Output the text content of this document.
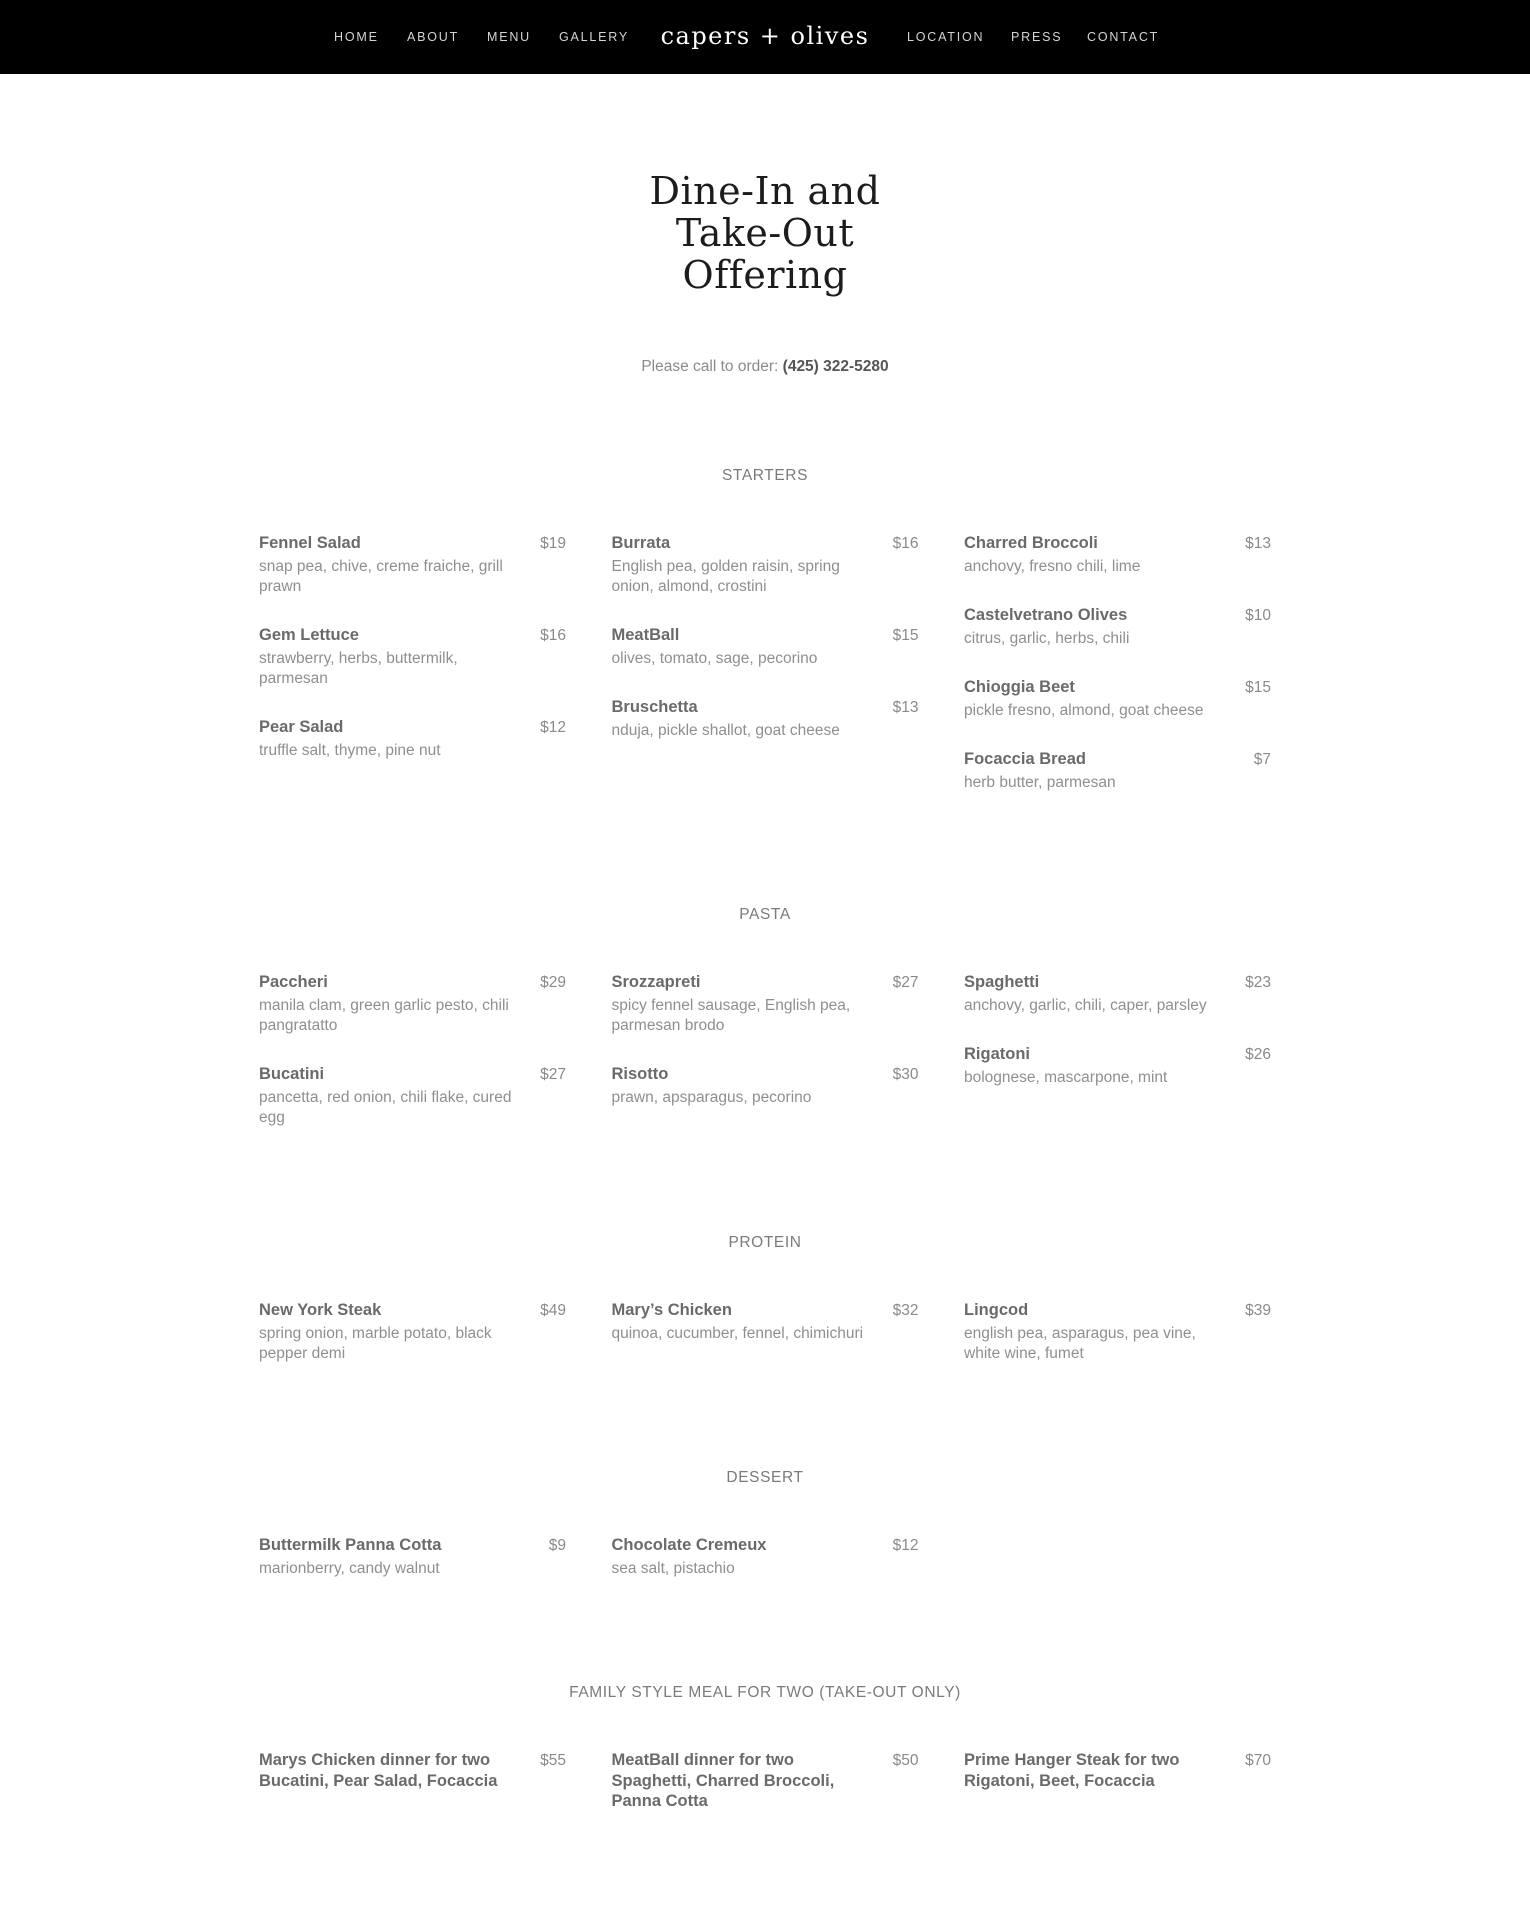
HOME ABOUT MENU GALLERY	capers + olives	LOCATION PRESS CONTACT
Dine-In and
Take-Out
Offering
Please call to order: (425) 322-5280
STARTERS
Fennel Salad	$19
snap pea, chive, creme fraiche, grill prawn
Gem Lettuce	$16
strawberry, herbs, buttermilk, parmesan
Pear Salad	$12
truffle salt, thyme, pine nut
Burrata	$16
English pea, golden raisin, spring onion, almond, crostini
MeatBall	$15
olives, tomato, sage, pecorino
Bruschetta	$13
nduja, pickle shallot, goat cheese
Charred Broccoli	$13
anchovy, fresno chili, lime
Castelvetrano Olives	$10
citrus, garlic, herbs, chili
Chioggia Beet	$15
pickle fresno, almond, goat cheese
Focaccia Bread	$7
herb butter, parmesan
PASTA
Paccheri	$29
manila clam, green garlic pesto, chili pangratatto
Bucatini	$27
pancetta, red onion, chili flake, cured egg
Srozzapreti	$27
spicy fennel sausage, English pea, parmesan brodo
Risotto	$30
prawn, apsparagus, pecorino
Spaghetti	$23
anchovy, garlic, chili, caper, parsley
Rigatoni	$26
bolognese, mascarpone, mint
PROTEIN
New York Steak	$49
spring onion, marble potato, black pepper demi
Mary’s Chicken	$32
quinoa, cucumber, fennel, chimichuri
Lingcod	$39
english pea, asparagus, pea vine, white wine, fumet
DESSERT
Buttermilk Panna Cotta	$9
marionberry, candy walnut
Chocolate Cremeux	$12
sea salt, pistachio
FAMILY STYLE MEAL FOR TWO (TAKE-OUT ONLY)
Marys Chicken dinner for two	$55
Bucatini, Pear Salad, Focaccia
MeatBall dinner for two	$50
Spaghetti, Charred Broccoli, Panna Cotta
Prime Hanger Steak for two	$70
Rigatoni, Beet, Focaccia
